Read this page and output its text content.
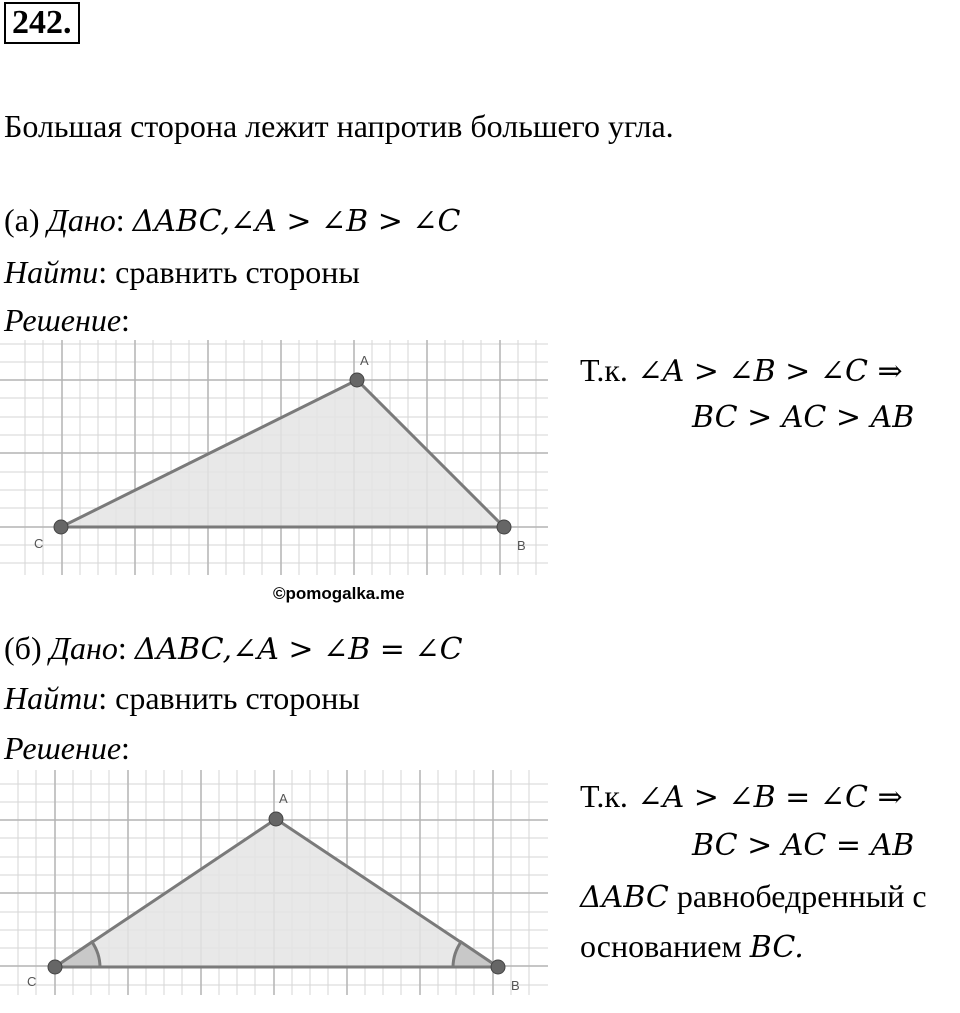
242.
Большая сторона лежит напротив большего угла.
(а) Дано: ΔABC,∠A > ∠B > ∠C
Найти: сравнить стороны
Решение:
A
B
C
Т.к. ∠A > ∠B > ∠C ⇒
BC > AC > AB
©pomogalka.me
(б) Дано: ΔABC,∠A > ∠B = ∠C
Найти: сравнить стороны
Решение:
A
B
C
Т.к. ∠A > ∠B = ∠C ⇒
BC > AC = AB
ΔABC равнобедренный с
основанием BC.
